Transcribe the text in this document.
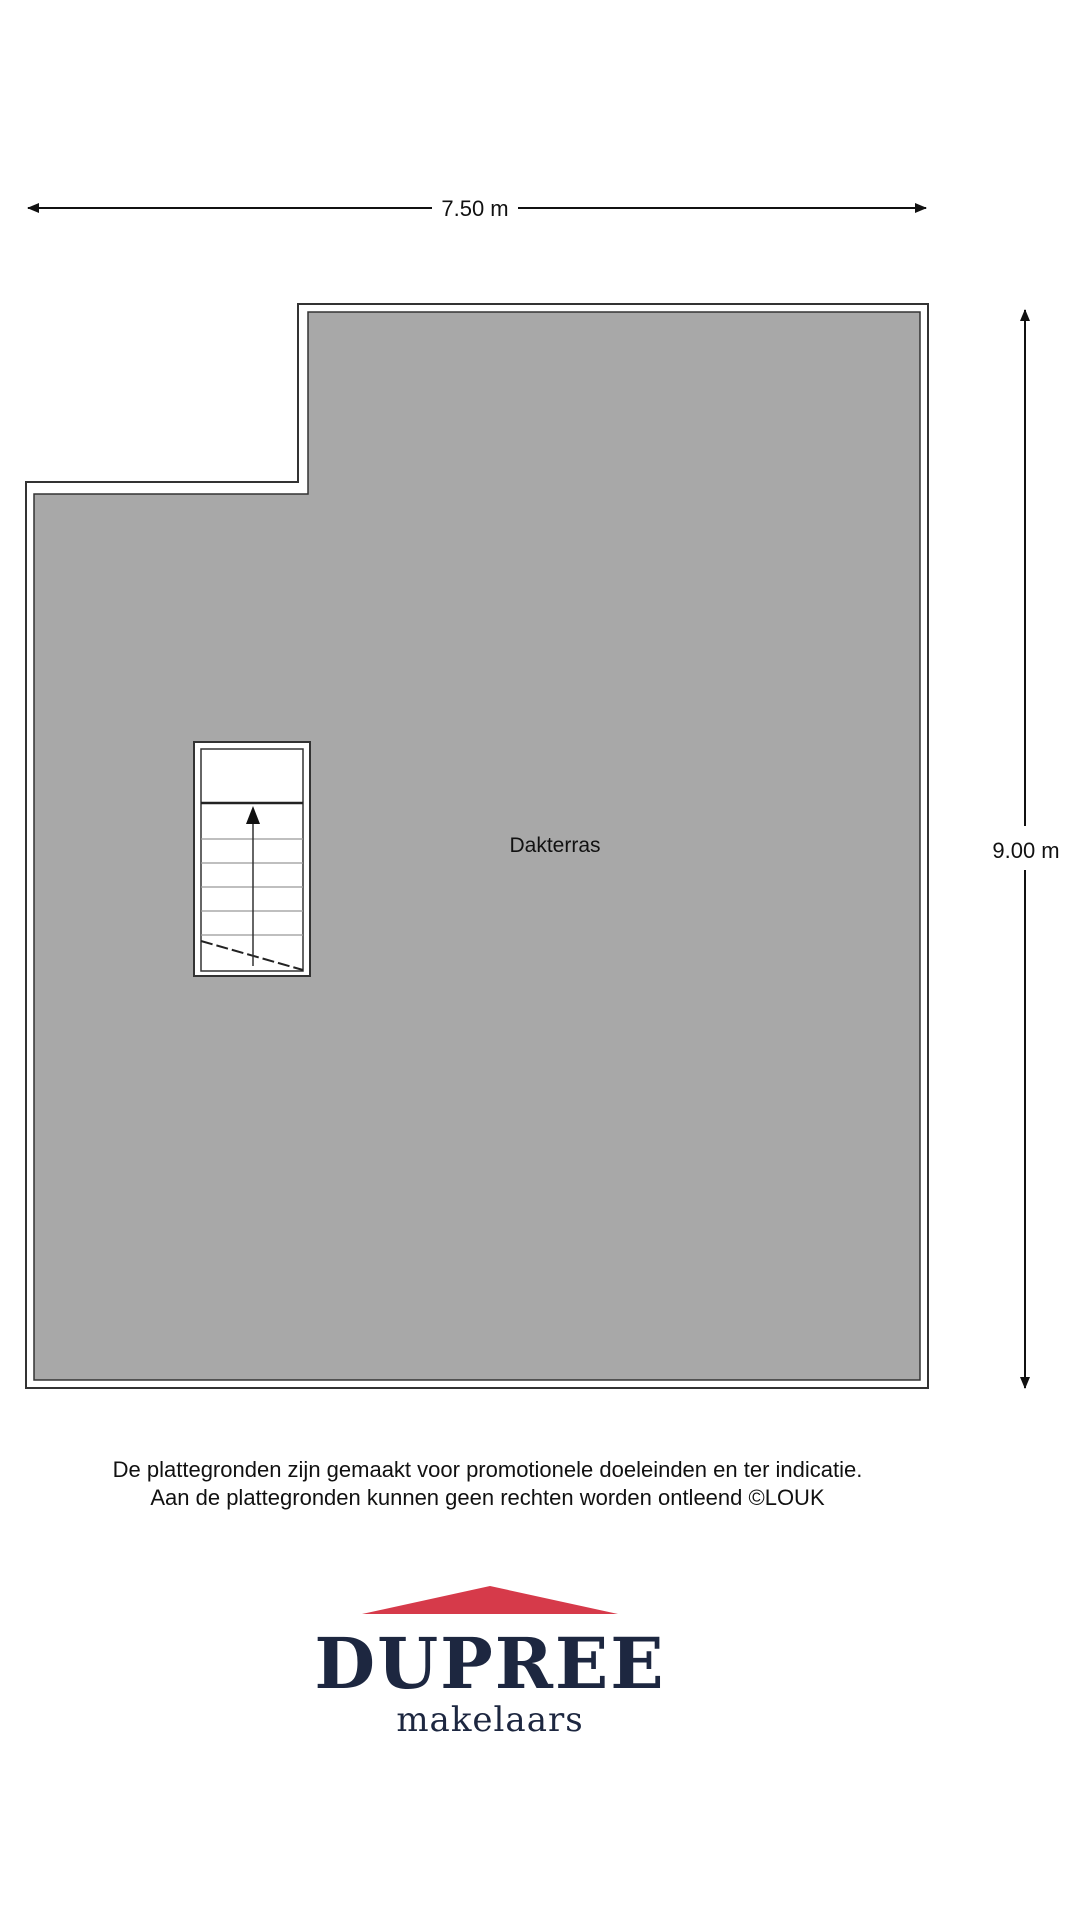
7.50 m
9.00 m
Dakterras
De plattegronden zijn gemaakt voor promotionele doeleinden en ter indicatie.
Aan de plattegronden kunnen geen rechten worden ontleend ©LOUK
DUPREE
makelaars
